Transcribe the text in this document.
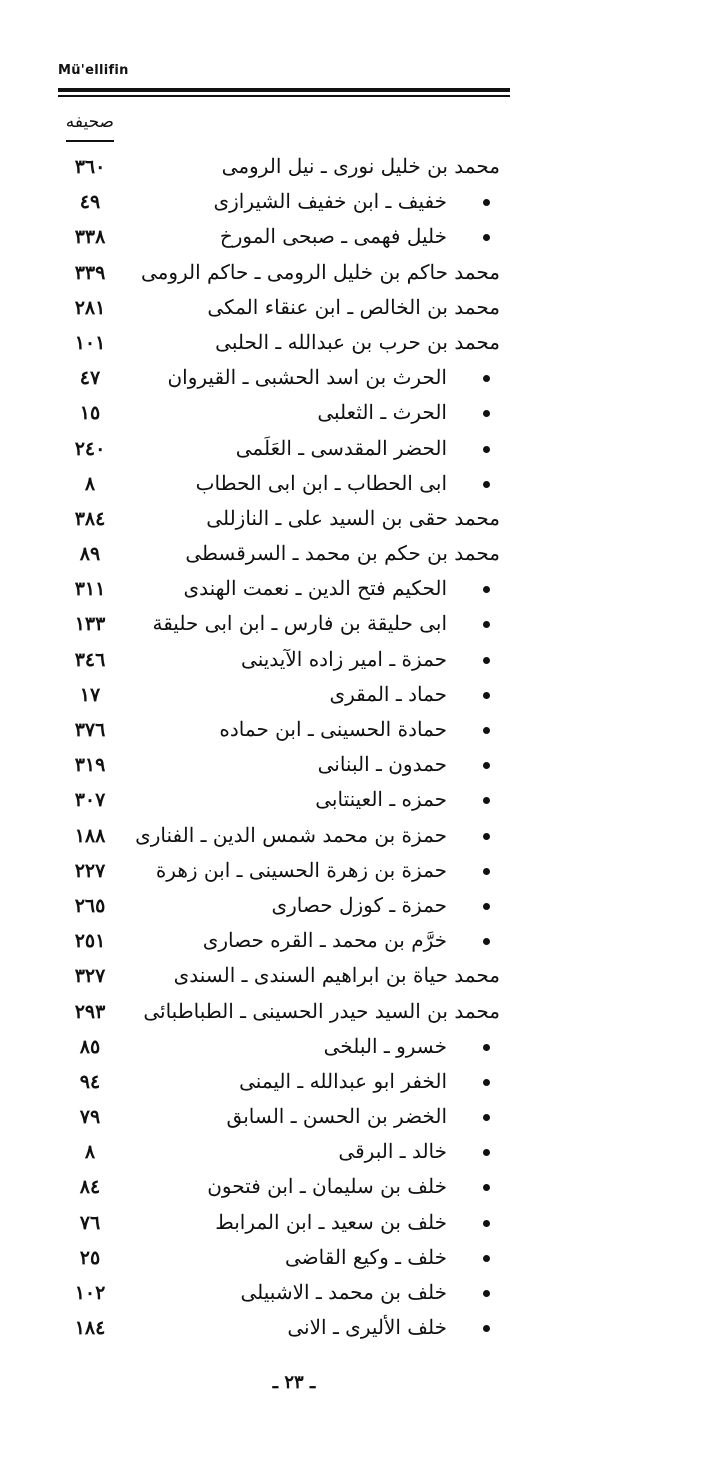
Mü'ellifin
صحيفه
٣٦٠	محمد بن خليل نورى ـ نيل الرومى
٤٩	خفيف ـ ابن خفيف الشيرازى
٣٣٨	خليل فهمى ـ صبحى المورخ
٣٣٩	محمد حاكم بن خليل الرومى ـ حاكم الرومى
٢٨١	محمد بن الخالص ـ ابن عنقاء المكى
١٠١	محمد بن حرب بن عبدالله ـ الحلبى
٤٧	الحرث بن اسد الحشبى ـ القيروان
١٥	الحرث ـ الثعلبى
٢٤٠	الحضر المقدسى ـ العَلَمى
٨	ابى الحطاب ـ ابن ابى الحطاب
٣٨٤	محمد حقى بن السيد على ـ النازللى
٨٩	محمد بن حكم بن محمد ـ السرقسطى
٣١١	الحكيم فتح الدين ـ نعمت الهندى
١٣٣	ابى حليقة بن فارس ـ ابن ابى حليقة
٣٤٦	حمزة ـ امير زاده الآيدينى
١٧	حماد ـ المقرى
٣٧٦	حمادة الحسينى ـ ابن حماده
٣١٩	حمدون ـ البنانى
٣٠٧	حمزه ـ العينتابى
١٨٨	حمزة بن محمد شمس الدين ـ الفنارى
٢٢٧	حمزة بن زهرة الحسينى ـ ابن زهرة
٢٦٥	حمزة ـ كوزل حصارى
٢٥١	خرَّم بن محمد ـ القره حصارى
٣٢٧	محمد حياة بن ابراهيم السندى ـ السندى
٢٩٣	محمد بن السيد حيدر الحسينى ـ الطباطبائى
٨٥	خسرو ـ البلخى
٩٤	الخفر ابو عبدالله ـ اليمنى
٧٩	الخضر بن الحسن ـ السابق
٨	خالد ـ البرقى
٨٤	خلف بن سليمان ـ ابن فتحون
٧٦	خلف بن سعيد ـ ابن المرابط
٢٥	خلف ـ وكيع القاضى
١٠٢	خلف بن محمد ـ الاشبيلى
١٨٤	خلف الأليرى ـ الانى
ـ ٢٣ ـ
